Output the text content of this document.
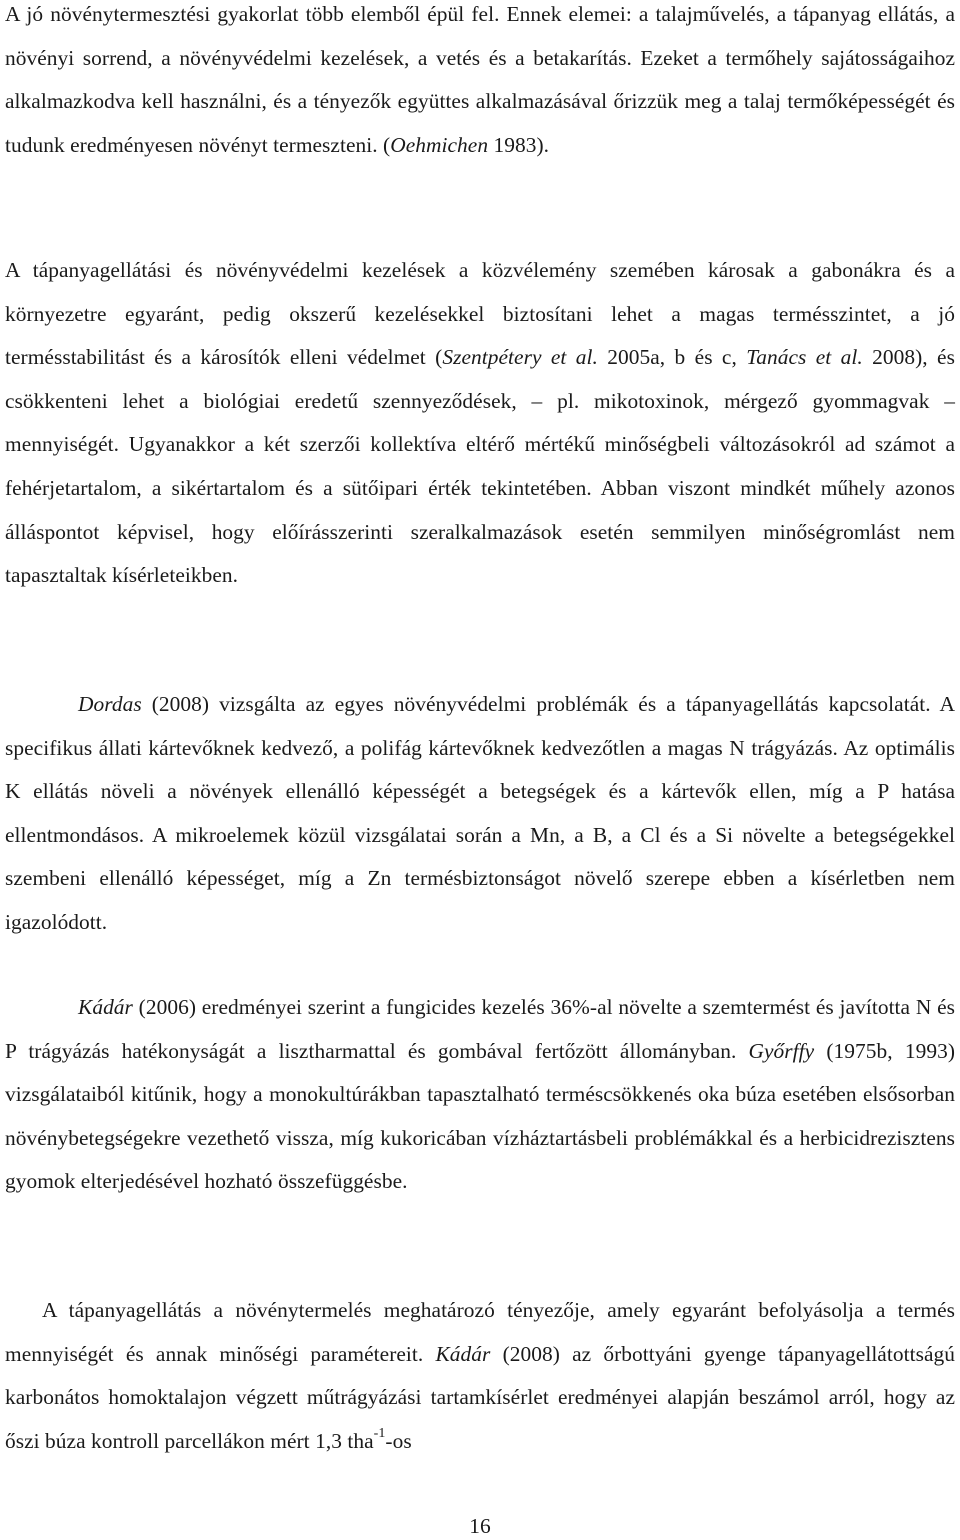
A jó növénytermesztési gyakorlat több elemből épül fel. Ennek elemei: a talajművelés, a tápanyag ellátás, a növényi sorrend, a növényvédelmi kezelések, a vetés és a betakarítás. Ezeket a termőhely sajátosságaihoz alkalmazkodva kell használni, és a tényezők együttes alkalmazásával őrizzük meg a talaj termőképességét és tudunk eredményesen növényt termeszteni. (Oehmichen 1983).

A tápanyagellátási és növényvédelmi kezelések a közvélemény szemében károsak a gabonákra és a környezetre egyaránt, pedig okszerű kezelésekkel biztosítani lehet a magas termésszintet, a jó termésstabilitást és a károsítók elleni védelmet (Szentpétery et al. 2005a, b és c, Tanács et al. 2008), és csökkenteni lehet a biológiai eredetű szennyeződések, – pl. mikotoxinok, mérgező gyommagvak – mennyiségét. Ugyanakkor a két szerzői kollektíva eltérő mértékű minőségbeli változásokról ad számot a fehérjetartalom, a sikértartalom és a sütőipari érték tekintetében. Abban viszont mindkét műhely azonos álláspontot képvisel, hogy előírásszerinti szeralkalmazások esetén semmilyen minőségromlást nem tapasztaltak kísérleteikben.

Dordas (2008) vizsgálta az egyes növényvédelmi problémák és a tápanyagellátás kapcsolatát. A specifikus állati kártevőknek kedvező, a polifág kártevőknek kedvezőtlen a magas N trágyázás. Az optimális K ellátás növeli a növények ellenálló képességét a betegségek és a kártevők ellen, míg a P hatása ellentmondásos. A mikroelemek közül vizsgálatai során a Mn, a B, a Cl és a Si növelte a betegségekkel szembeni ellenálló képességet, míg a Zn termésbiztonságot növelő szerepe ebben a kísérletben nem igazolódott.

Kádár (2006) eredményei szerint a fungicides kezelés 36%-al növelte a szemtermést és javította N és P trágyázás hatékonyságát a lisztharmattal és gombával fertőzött állományban. Győrffy (1975b, 1993) vizsgálataiból kitűnik, hogy a monokultúrákban tapasztalható terméscsökkenés oka búza esetében elsősorban növénybetegségekre vezethető vissza, míg kukoricában vízháztartásbeli problémákkal és a herbicidrezisztens gyomok elterjedésével hozható összefüggésbe.

A tápanyagellátás a növénytermelés meghatározó tényezője, amely egyaránt befolyásolja a termés mennyiségét és annak minőségi paramétereit. Kádár (2008) az őrbottyáni gyenge tápanyagellátottságú karbonátos homoktalajon végzett műtrágyázási tartamkísérlet eredményei alapján beszámol arról, hogy az őszi búza kontroll parcellákon mért 1,3 tha$^{-1}$-os

16
